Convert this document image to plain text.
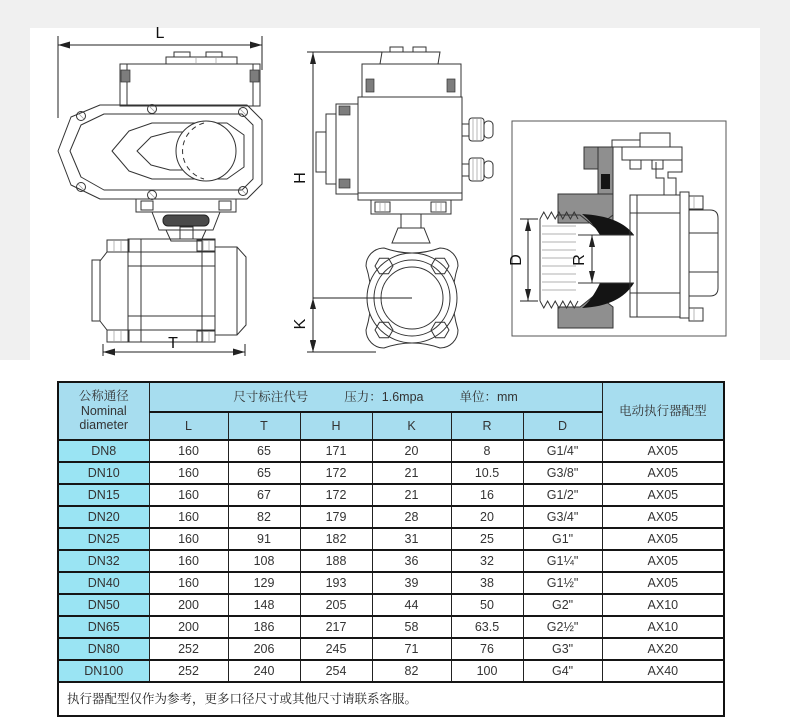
L
T
H
K
D	R
公称通径
Nominal
diameter

尺寸标注代号	压力：1.6mpa	单位：mm
	电动执行器配型
	L	T	H	K	R	D	
DN8	160	65	171	20	8	G1/4"	AX05
DN10	160	65	172	21	10.5	G3/8"	AX05
DN15	160	67	172	21	16	G1/2"	AX05
DN20	160	82	179	28	20	G3/4"	AX05
DN25	160	91	182	31	25	G1"	AX05
DN32	160	108	188	36	32	G1¼"	AX05
DN40	160	129	193	39	38	G1½"	AX05
DN50	200	148	205	44	50	G2"	AX10
DN65	200	186	217	58	63.5	G2½"	AX10
DN80	252	206	245	71	76	G3"	AX20
DN100	252	240	254	82	100	G4"	AX40
执行器配型仅作为参考，更多口径尺寸或其他尺寸请联系客服。							
